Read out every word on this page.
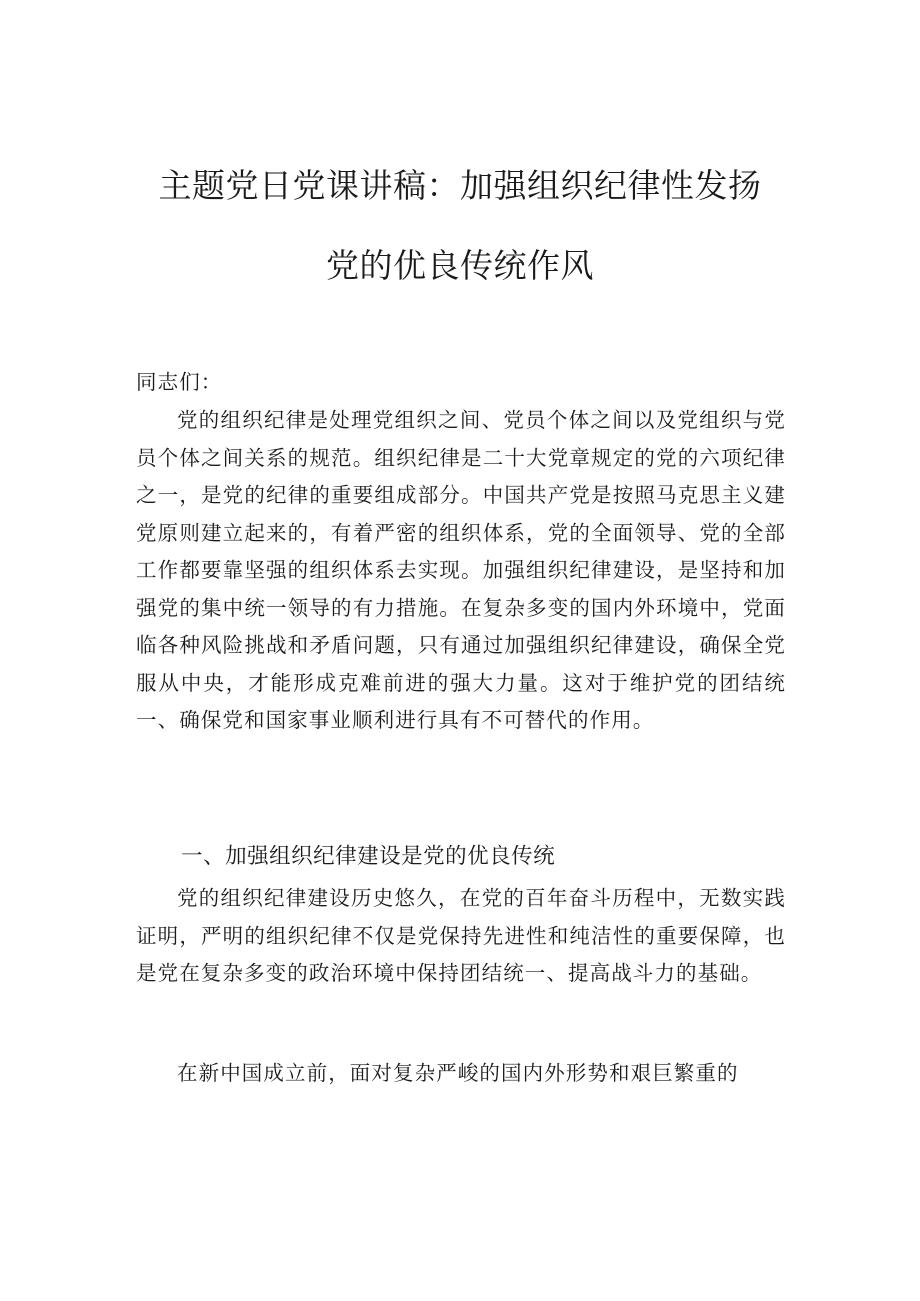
主题党日党课讲稿：加强组织纪律性发扬
党的优良传统作风

同志们：

党的组织纪律是处理党组织之间、党员个体之间以及党组织与党员个体之间关系的规范。组织纪律是二十大党章规定的党的六项纪律之一，是党的纪律的重要组成部分。中国共产党是按照马克思主义建党原则建立起来的，有着严密的组织体系，党的全面领导、党的全部工作都要靠坚强的组织体系去实现。加强组织纪律建设，是坚持和加强党的集中统一领导的有力措施。在复杂多变的国内外环境中，党面临各种风险挑战和矛盾问题，只有通过加强组织纪律建设，确保全党服从中央，才能形成克难前进的强大力量。这对于维护党的团结统一、确保党和国家事业顺利进行具有不可替代的作用。

一、加强组织纪律建设是党的优良传统

党的组织纪律建设历史悠久，在党的百年奋斗历程中，无数实践证明，严明的组织纪律不仅是党保持先进性和纯洁性的重要保障，也是党在复杂多变的政治环境中保持团结统一、提高战斗力的基础。

在新中国成立前，面对复杂严峻的国内外形势和艰巨繁重的
